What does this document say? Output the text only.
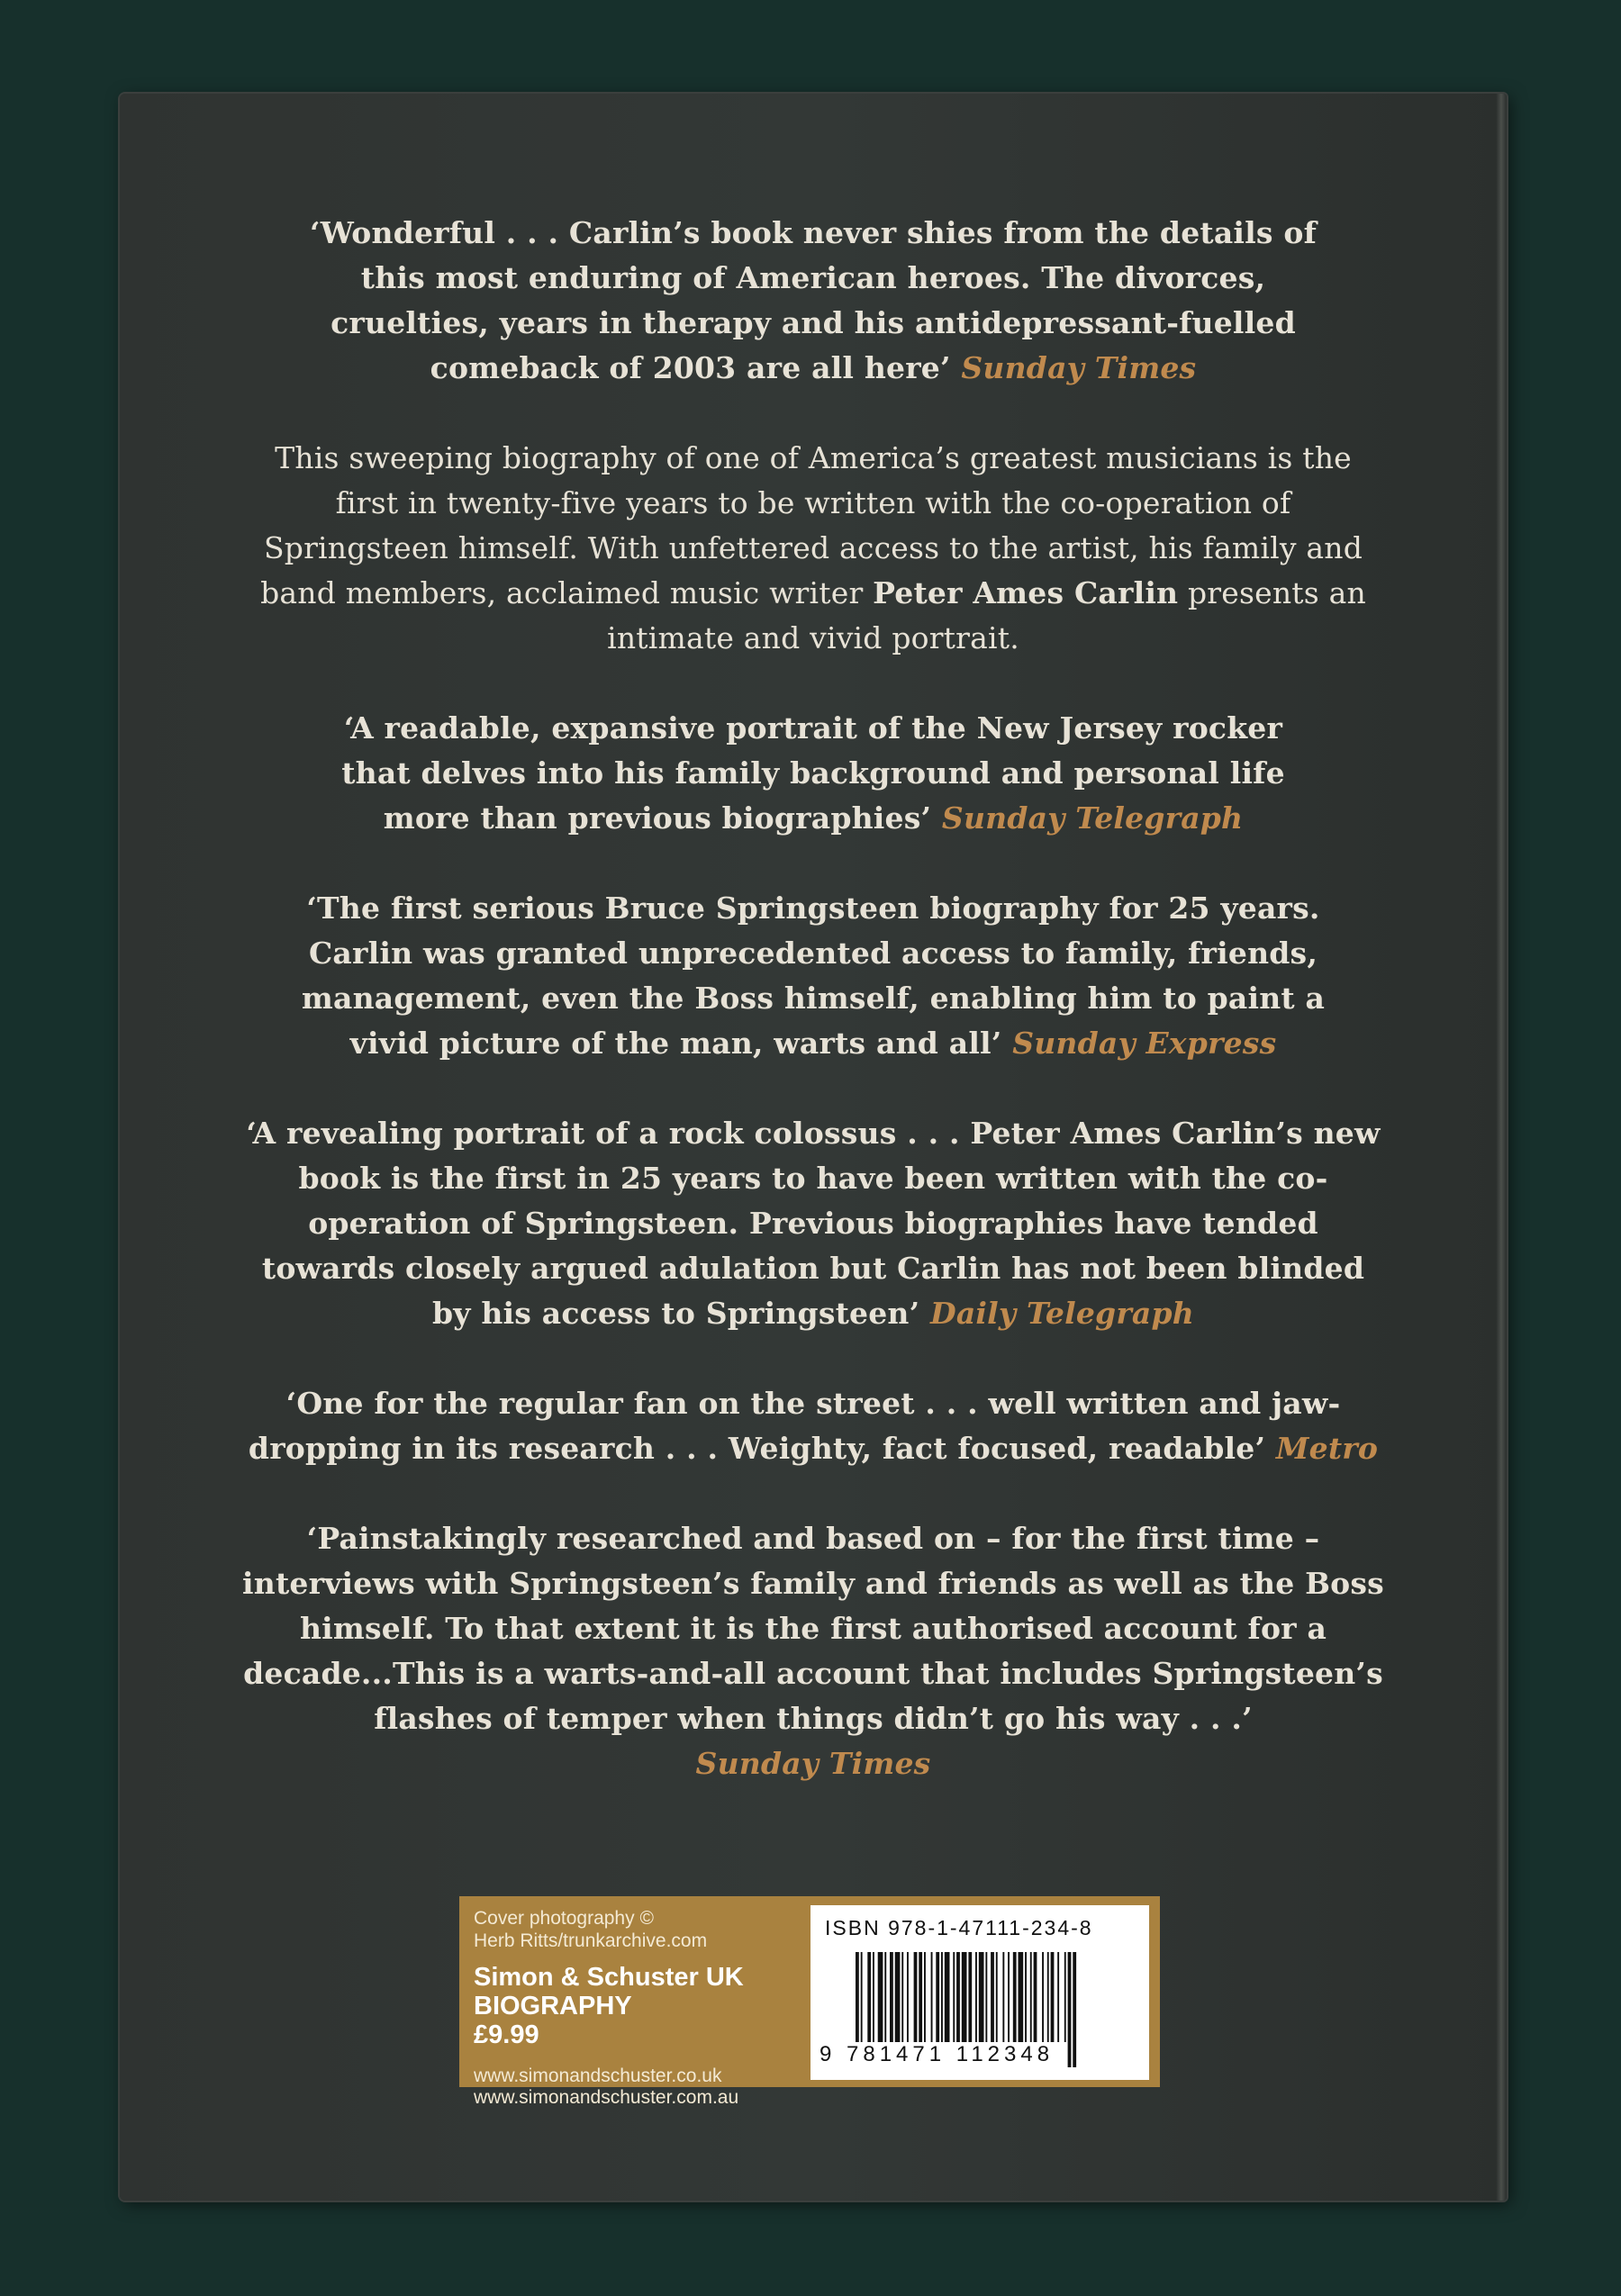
‘Wonderful . . . Carlin’s book never shies from the details of this most enduring of American heroes. The divorces, cruelties, years in therapy and his antidepressant-fuelled comeback of 2003 are all here’ Sunday Times

This sweeping biography of one of America’s greatest musicians is the first in twenty-five years to be written with the co-operation of Springsteen himself. With unfettered access to the artist, his family and band members, acclaimed music writer Peter Ames Carlin presents an intimate and vivid portrait.

‘A readable, expansive portrait of the New Jersey rocker that delves into his family background and personal life more than previous biographies’ Sunday Telegraph

‘The first serious Bruce Springsteen biography for 25 years. Carlin was granted unprecedented access to family, friends, management, even the Boss himself, enabling him to paint a vivid picture of the man, warts and all’ Sunday Express

‘A revealing portrait of a rock colossus . . . Peter Ames Carlin’s new book is the first in 25 years to have been written with the co-operation of Springsteen. Previous biographies have tended towards closely argued adulation but Carlin has not been blinded by his access to Springsteen’ Daily Telegraph

‘One for the regular fan on the street . . . well written and jaw-dropping in its research . . . Weighty, fact focused, readable’ Metro

‘Painstakingly researched and based on – for the first time – interviews with Springsteen’s family and friends as well as the Boss himself. To that extent it is the first authorised account for a decade...This is a warts-and-all account that includes Springsteen’s flashes of temper when things didn’t go his way . . .’
Sunday Times

Cover photography ©
Herb Ritts/trunkarchive.com
Simon & Schuster UK
BIOGRAPHY
£9.99
www.simonandschuster.co.uk
www.simonandschuster.com.au
ISBN 978-1-47111-234-8
9 781471 112348
